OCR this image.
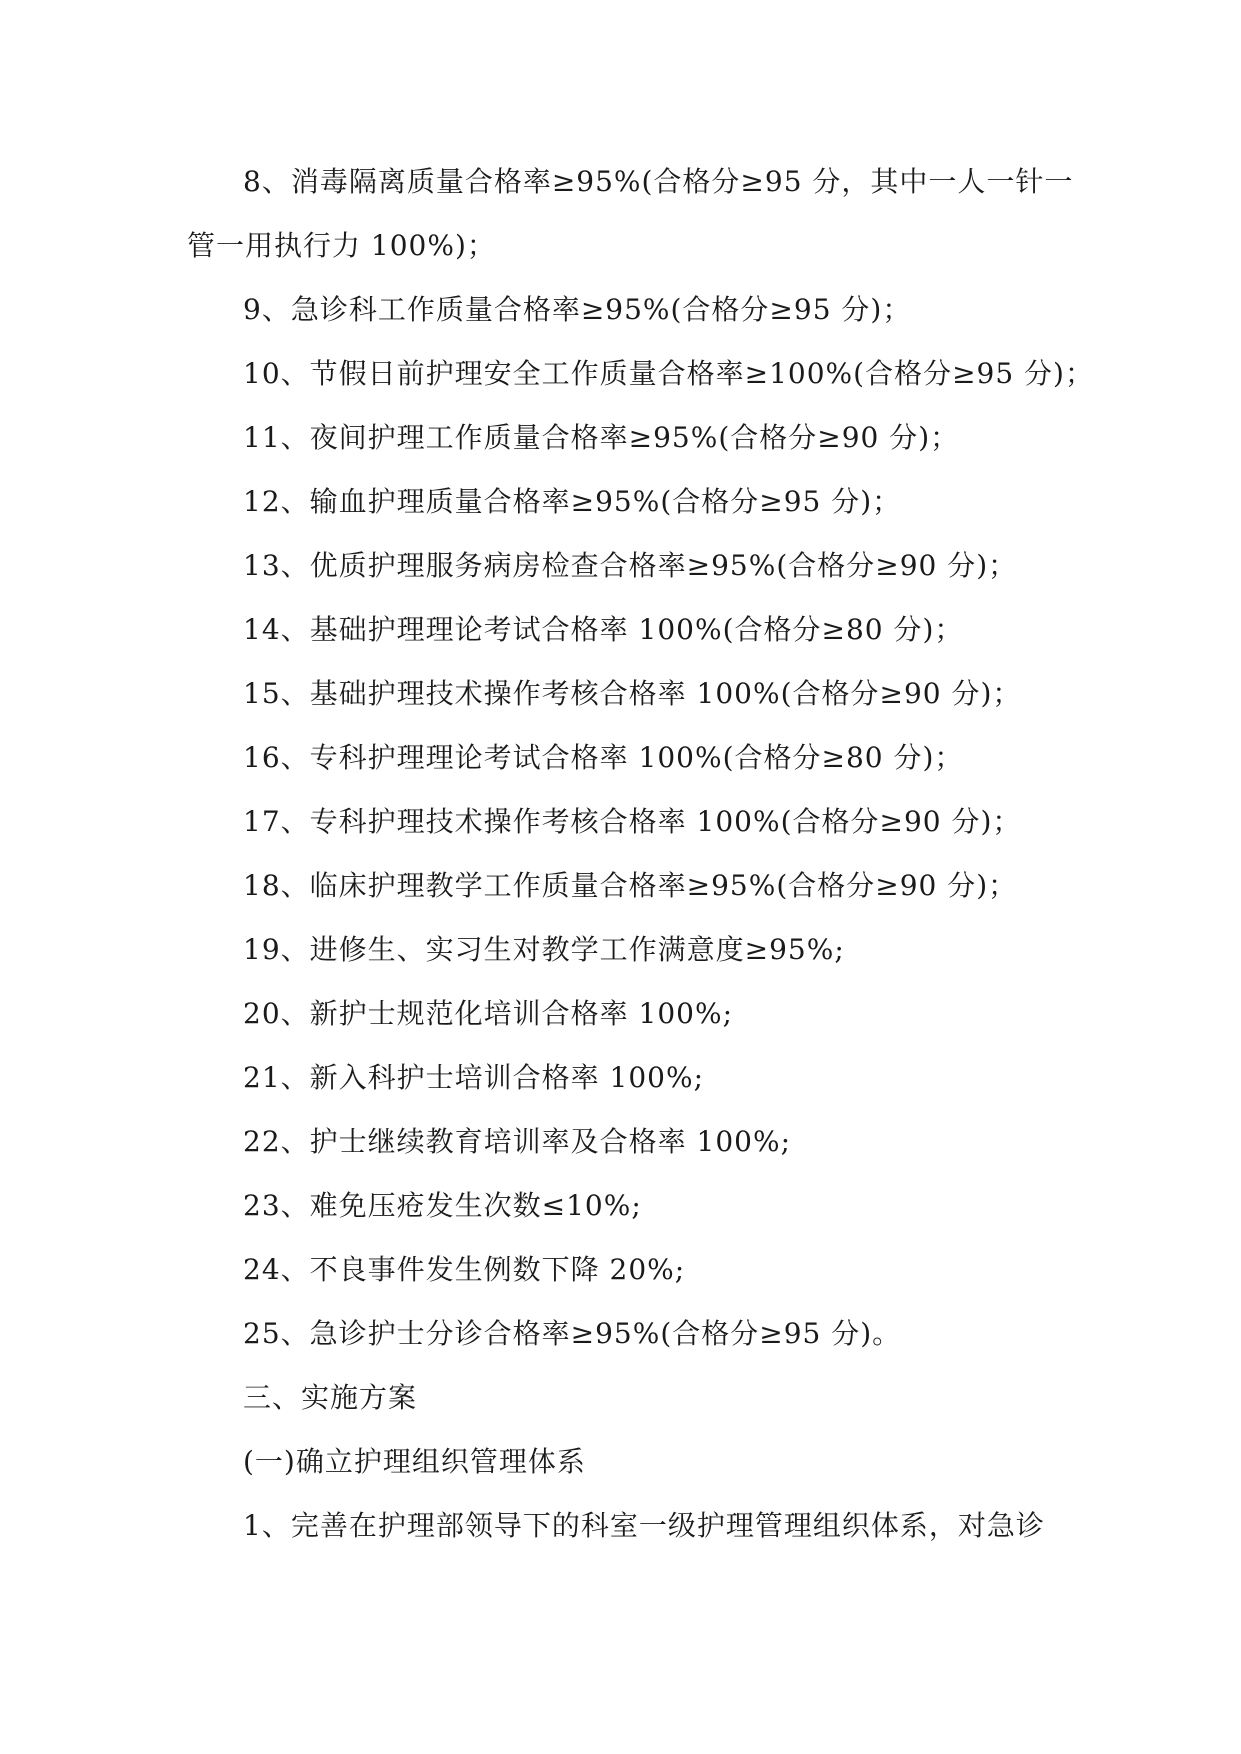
8、消毒隔离质量合格率≥95%(合格分≥95 分，其中一人一针一

管一用执行力 100%)；

9、急诊科工作质量合格率≥95%(合格分≥95 分)；

10、节假日前护理安全工作质量合格率≥100%(合格分≥95 分)；

11、夜间护理工作质量合格率≥95%(合格分≥90 分)；

12、输血护理质量合格率≥95%(合格分≥95 分)；

13、优质护理服务病房检查合格率≥95%(合格分≥90 分)；

14、基础护理理论考试合格率 100%(合格分≥80 分)；

15、基础护理技术操作考核合格率 100%(合格分≥90 分)；

16、专科护理理论考试合格率 100%(合格分≥80 分)；

17、专科护理技术操作考核合格率 100%(合格分≥90 分)；

18、临床护理教学工作质量合格率≥95%(合格分≥90 分)；

19、进修生、实习生对教学工作满意度≥95%;

20、新护士规范化培训合格率 100%;

21、新入科护士培训合格率 100%;

22、护士继续教育培训率及合格率 100%;

23、难免压疮发生次数≤10%;

24、不良事件发生例数下降 20%;

25、急诊护士分诊合格率≥95%(合格分≥95 分)。

三、实施方案

(一)确立护理组织管理体系

1、完善在护理部领导下的科室一级护理管理组织体系，对急诊
